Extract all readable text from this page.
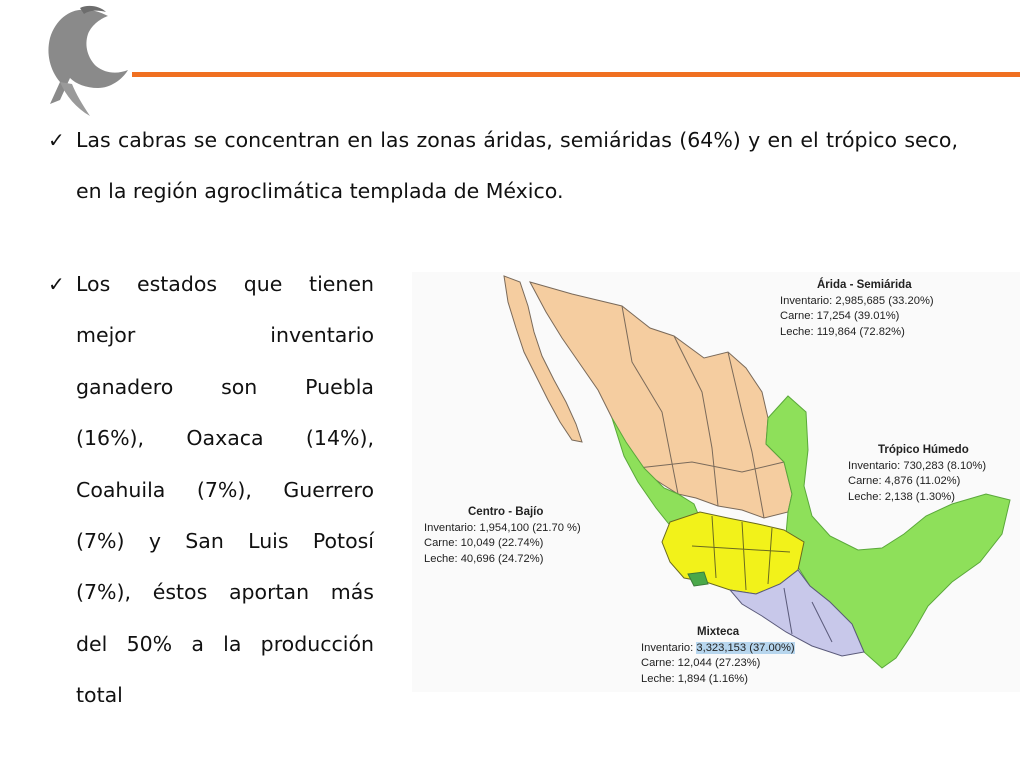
✓ Las cabras se concentran en las zonas áridas, semiáridas (64%) y en el trópico seco, en la región agroclimática templada de México.
✓ Los estados que tienen
mejor inventario
ganadero son Puebla
(16%), Oaxaca (14%),
Coahuila (7%), Guerrero
(7%) y San Luis Potosí
(7%), éstos aportan más
del 50% a la producción
total
Árida - Semiárida
Inventario: 2,985,685 (33.20%)
Carne: 17,254 (39.01%)
Leche: 119,864 (72.82%)
Trópico Húmedo
Inventario: 730,283 (8.10%)
Carne: 4,876 (11.02%)
Leche: 2,138 (1.30%)
Centro - Bajío
Inventario: 1,954,100 (21.70 %)
Carne: 10,049 (22.74%)
Leche: 40,696 (24.72%)
Mixteca
Inventario: 3,323,153 (37.00%)
Carne: 12,044 (27.23%)
Leche: 1,894 (1.16%)
